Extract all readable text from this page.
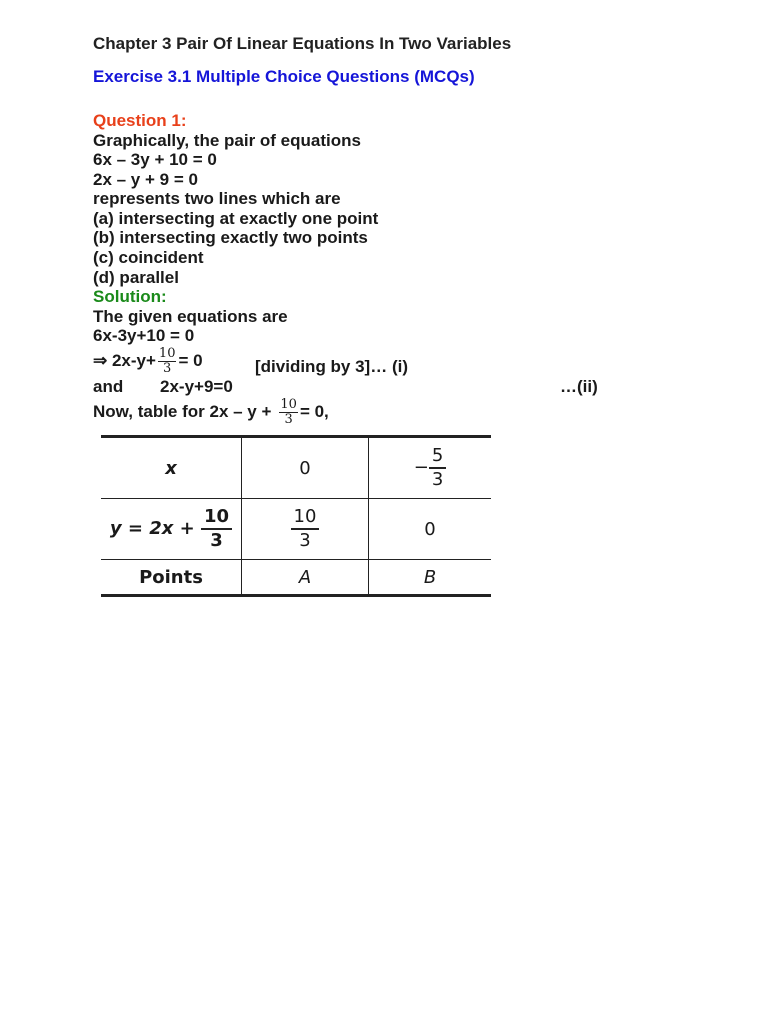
Chapter 3 Pair Of Linear Equations In Two Variables
Exercise 3.1 Multiple Choice Questions (MCQs)
Question 1:
Graphically, the pair of equations
6x – 3y + 10 = 0
2x – y + 9 = 0
represents two lines which are
(a) intersecting at exactly one point
(b) intersecting exactly two points
(c) coincident
(d) parallel
Solution:
The given equations are
6x-3y+10 = 0
⇒ $2x-y+ \frac{10}{3} = 0$	[dividing by 3]… (i)
and 2x-y+9=0	…(ii)
Now, table for $2x - y + \frac{10}{3} = 0$,
x	0	− $\frac{5}{3}$

$y = 2x + \frac{10}{3}$	$\frac{10}{3}$	0
Points	A	B
